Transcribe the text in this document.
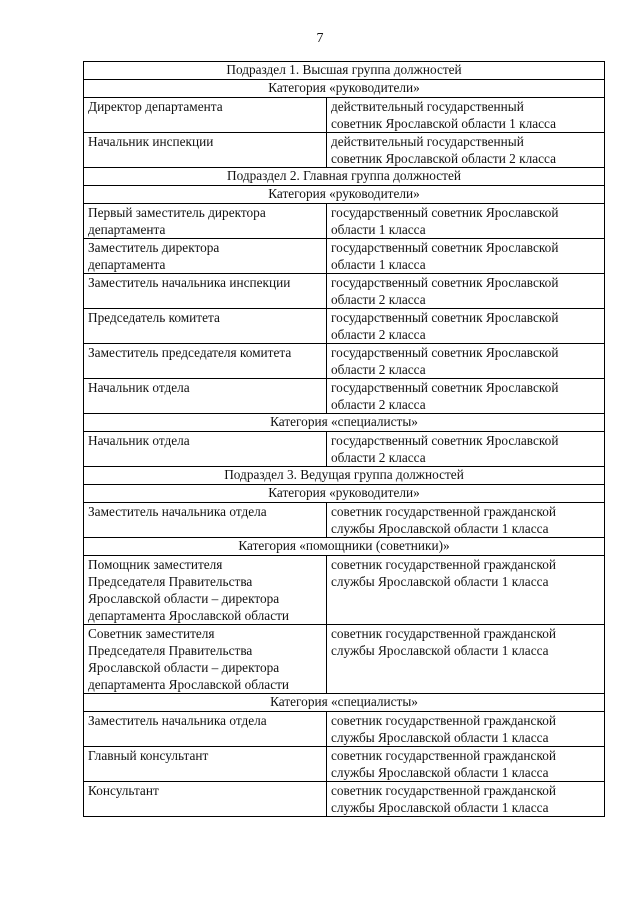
7
Подраздел 1. Высшая группа должностей	
Категория «руководители»	

Директор департамента	действительный государственный
советник Ярославской области 1 класса

Начальник инспекции	действительный государственный
советник Ярославской области 2 класса

Подраздел 2. Главная группа должностей	
Категория «руководители»	

Первый заместитель директора
департамента	государственный советник Ярославской
области 1 класса

Заместитель директора
департамента	государственный советник Ярославской
области 1 класса

Заместитель начальника инспекции	государственный советник Ярославской
области 2 класса

Председатель комитета	государственный советник Ярославской
области 2 класса

Заместитель председателя комитета	государственный советник Ярославской
области 2 класса

Начальник отдела	государственный советник Ярославской
области 2 класса

Категория «специалисты»	

Начальник отдела	государственный советник Ярославской
области 2 класса

Подраздел 3. Ведущая группа должностей	
Категория «руководители»	

Заместитель начальника отдела	советник государственной гражданской
службы Ярославской области 1 класса

Категория «помощники (советники)»	

Помощник заместителя
Председателя Правительства
Ярославской области – директора
департамента Ярославской области	советник государственной гражданской
службы Ярославской области 1 класса

Советник заместителя
Председателя Правительства
Ярославской области – директора
департамента Ярославской области	советник государственной гражданской
службы Ярославской области 1 класса

Категория «специалисты»	

Заместитель начальника отдела	советник государственной гражданской
службы Ярославской области 1 класса

Главный консультант	советник государственной гражданской
службы Ярославской области 1 класса

Консультант	советник государственной гражданской
службы Ярославской области 1 класса
